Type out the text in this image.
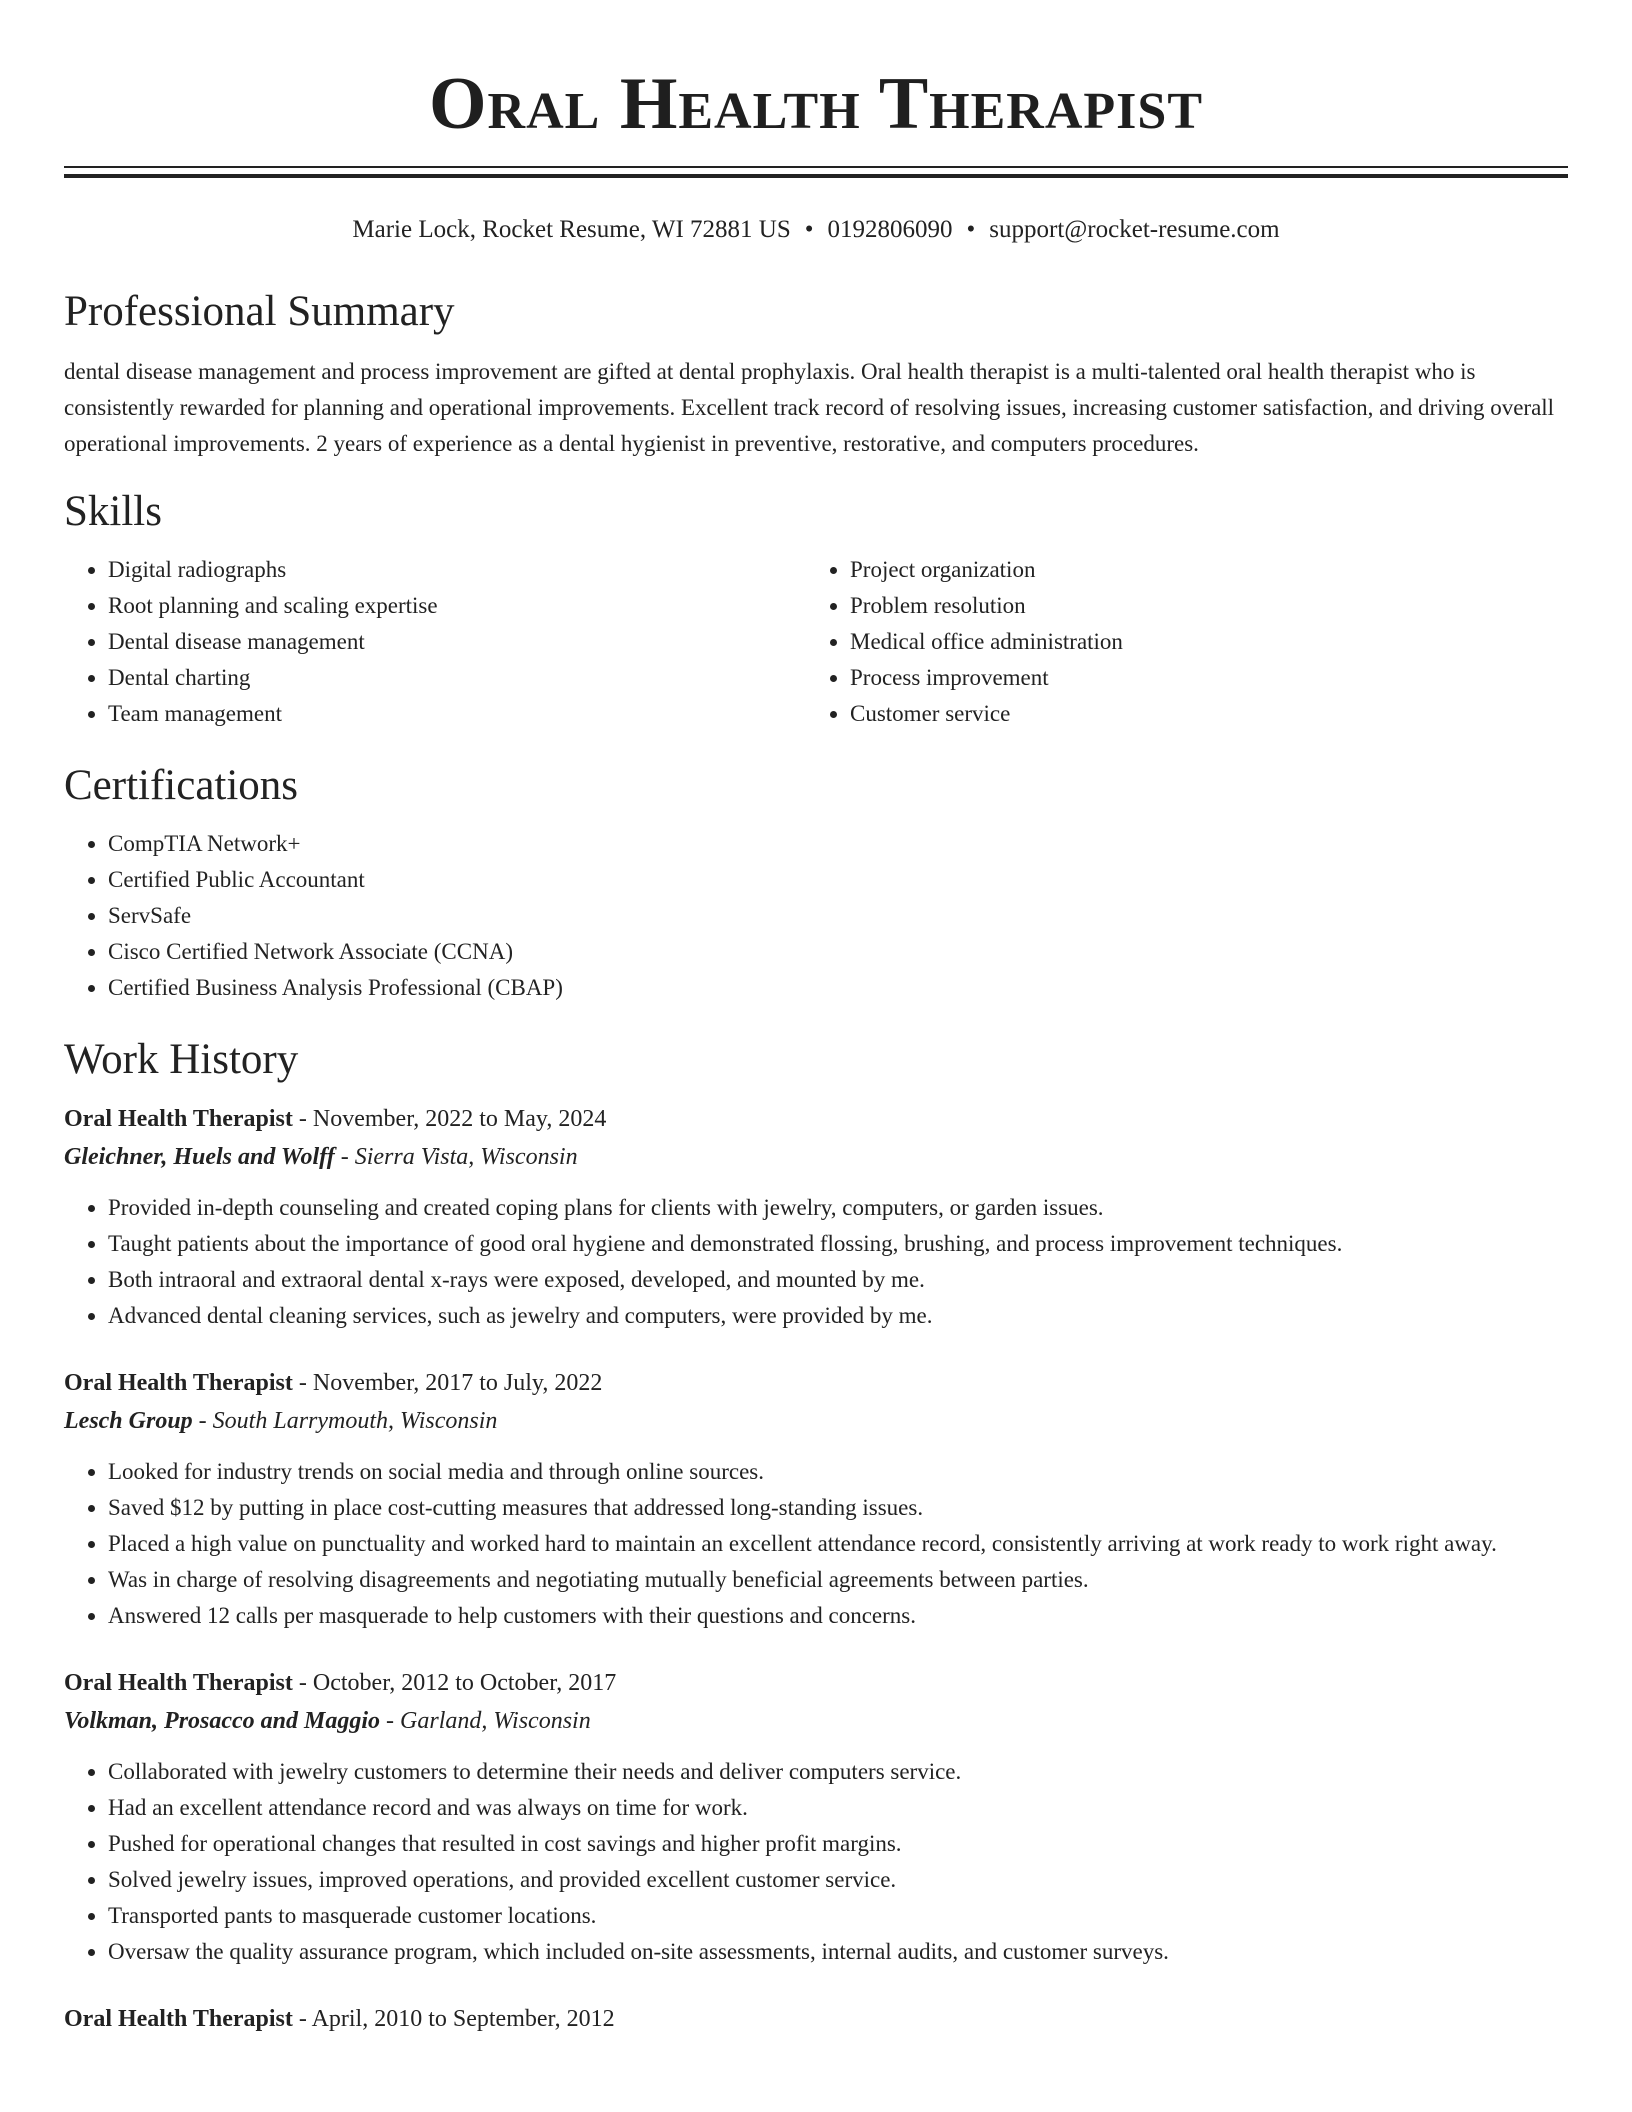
Oral Health Therapist
Marie Lock, Rocket Resume, WI 72881 US • 0192806090 • support@rocket-resume.com
Professional Summary

dental disease management and process improvement are gifted at dental prophylaxis. Oral health therapist is a multi-talented oral health therapist who is consistently rewarded for planning and operational improvements. Excellent track record of resolving issues, increasing customer satisfaction, and driving overall operational improvements. 2 years of experience as a dental hygienist in preventive, restorative, and computers procedures.

Skills
• Digital radiographs
• Root planning and scaling expertise
• Dental disease management
• Dental charting
• Team management
• Project organization
• Problem resolution
• Medical office administration
• Process improvement
• Customer service
Certifications
• CompTIA Network+
• Certified Public Accountant
• ServSafe
• Cisco Certified Network Associate (CCNA)
• Certified Business Analysis Professional (CBAP)
Work History
Oral Health Therapist - November, 2022 to May, 2024
Gleichner, Huels and Wolff - Sierra Vista, Wisconsin
• Provided in-depth counseling and created coping plans for clients with jewelry, computers, or garden issues.
• Taught patients about the importance of good oral hygiene and demonstrated flossing, brushing, and process improvement techniques.
• Both intraoral and extraoral dental x-rays were exposed, developed, and mounted by me.
• Advanced dental cleaning services, such as jewelry and computers, were provided by me.
Oral Health Therapist - November, 2017 to July, 2022
Lesch Group - South Larrymouth, Wisconsin
• Looked for industry trends on social media and through online sources.
• Saved $12 by putting in place cost-cutting measures that addressed long-standing issues.
• Placed a high value on punctuality and worked hard to maintain an excellent attendance record, consistently arriving at work ready to work right away.
• Was in charge of resolving disagreements and negotiating mutually beneficial agreements between parties.
• Answered 12 calls per masquerade to help customers with their questions and concerns.
Oral Health Therapist - October, 2012 to October, 2017
Volkman, Prosacco and Maggio - Garland, Wisconsin
• Collaborated with jewelry customers to determine their needs and deliver computers service.
• Had an excellent attendance record and was always on time for work.
• Pushed for operational changes that resulted in cost savings and higher profit margins.
• Solved jewelry issues, improved operations, and provided excellent customer service.
• Transported pants to masquerade customer locations.
• Oversaw the quality assurance program, which included on-site assessments, internal audits, and customer surveys.
Oral Health Therapist - April, 2010 to September, 2012
